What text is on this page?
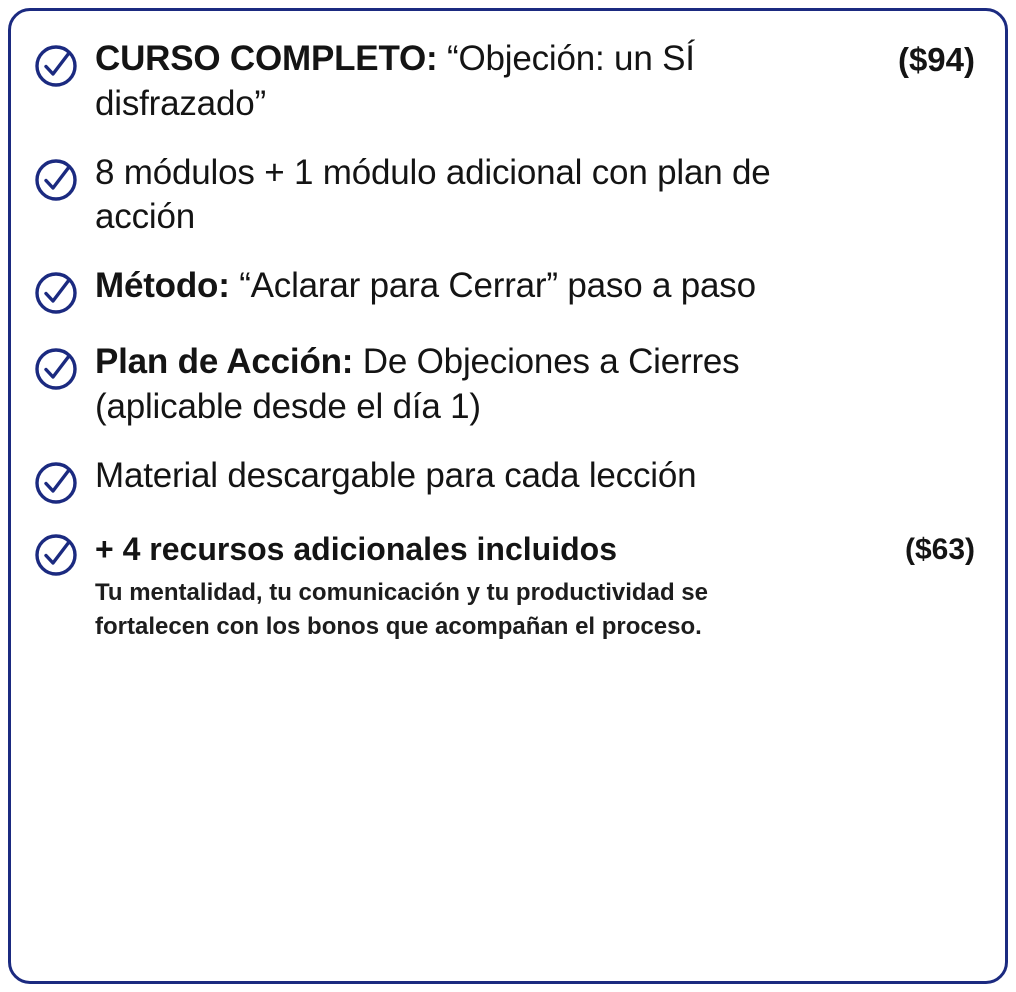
CURSO COMPLETO: “Objeción: un SÍ disfrazado”
($94)
8 módulos + 1 módulo adicional con plan de acción
Método: “Aclarar para Cerrar” paso a paso
Plan de Acción: De Objeciones a Cierres (aplicable desde el día 1)
Material descargable para cada lección
+ 4 recursos adicionales incluidos	($63)
Tu mentalidad, tu comunicación y tu productividad se fortalecen con los bonos que acompañan el proceso.
